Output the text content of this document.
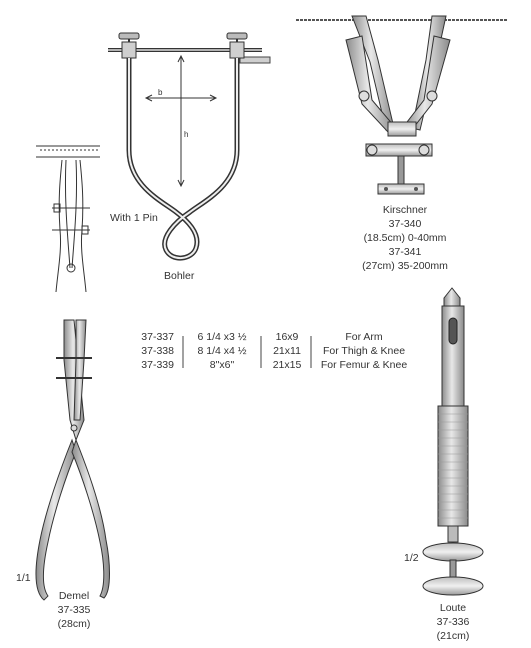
b
h
With 1 Pin
Bohler
Kirschner
37-340
(18.5cm) 0-40mm
37-341
(27cm) 35-200mm
37-337
37-338
37-339
6 1/4 x3 ½
8 1/4 x4 ½
8"x6"
16x9
21x11
21x15
For Arm
For Thigh & Knee
For Femur & Knee
1/1
Demel
37-335
(28cm)
1/2
Loute
37-336
(21cm)
